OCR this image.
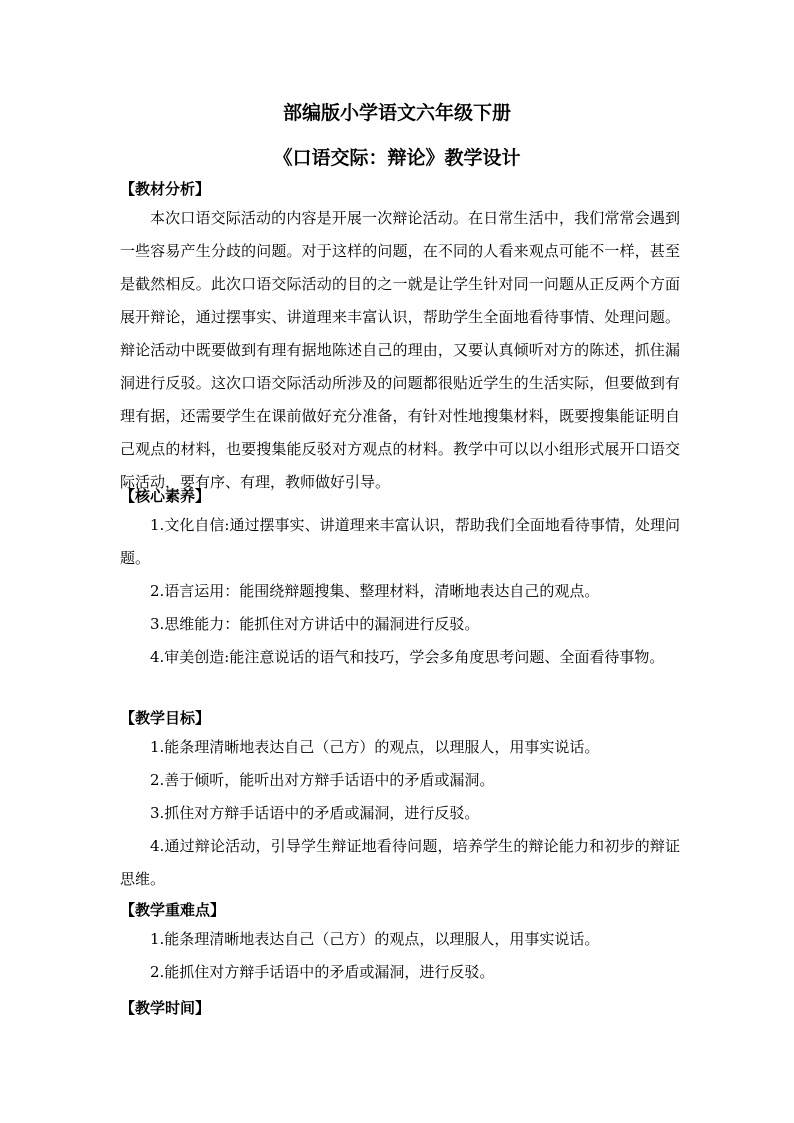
部编版小学语文六年级下册
《口语交际：辩论》教学设计

【教材分析】

本次口语交际活动的内容是开展一次辩论活动。在日常生活中，我们常常会遇到一些容易产生分歧的问题。对于这样的问题，在不同的人看来观点可能不一样，甚至是截然相反。此次口语交际活动的目的之一就是让学生针对同一问题从正反两个方面展开辩论，通过摆事实、讲道理来丰富认识，帮助学生全面地看待事情、处理问题。辩论活动中既要做到有理有据地陈述自己的理由，又要认真倾听对方的陈述，抓住漏洞进行反驳。这次口语交际活动所涉及的问题都很贴近学生的生活实际，但要做到有理有据，还需要学生在课前做好充分准备，有针对性地搜集材料，既要搜集能证明自己观点的材料，也要搜集能反驳对方观点的材料。教学中可以以小组形式展开口语交际活动，要有序、有理，教师做好引导。

【核心素养】

1.文化自信:通过摆事实、讲道理来丰富认识，帮助我们全面地看待事情，处理问题。

2.语言运用：能围绕辩题搜集、整理材料，清晰地表达自己的观点。

3.思维能力：能抓住对方讲话中的漏洞进行反驳。

4.审美创造:能注意说话的语气和技巧，学会多角度思考问题、全面看待事物。

【教学目标】

1.能条理清晰地表达自己（己方）的观点，以理服人，用事实说话。

2.善于倾听，能听出对方辩手话语中的矛盾或漏洞。

3.抓住对方辩手话语中的矛盾或漏洞，进行反驳。

4.通过辩论活动，引导学生辩证地看待问题，培养学生的辩论能力和初步的辩证思维。

【教学重难点】

1.能条理清晰地表达自己（己方）的观点，以理服人，用事实说话。

2.能抓住对方辩手话语中的矛盾或漏洞，进行反驳。

【教学时间】
